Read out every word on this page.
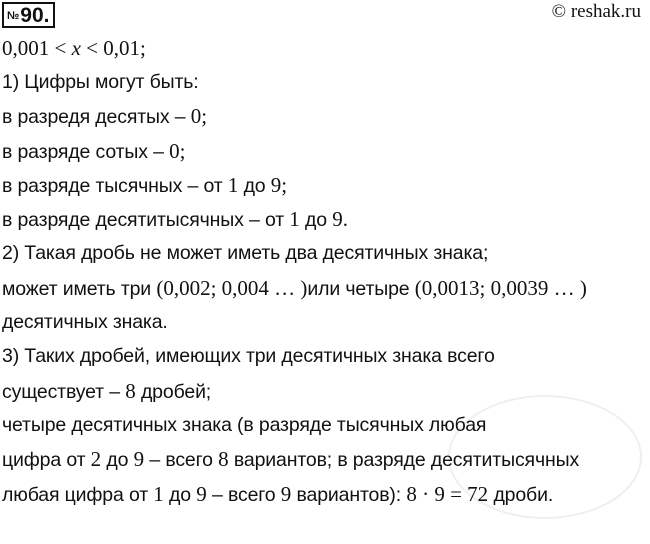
№ 90.	© reshak.ru
0,001 < x < 0,01;
1) Цифры могут быть:
в разредя десятых – 0;
в разряде сотых – 0;
в разряде тысячных – от 1 до 9;
в разряде десятитысячных – от 1 до 9.
2) Такая дробь не может иметь два десятичных знака;
может иметь три (0,002; 0,004 … )или четыре (0,0013; 0,0039 … )
десятичных знака.
3) Таких дробей, имеющих три десятичных знака всего
существует – 8 дробей;
четыре десятичных знака (в разряде тысячных любая
цифра от 2 до 9 – всего 8 вариантов; в разряде десятитысячных
любая цифра от 1 до 9 – всего 9 вариантов): 8 · 9 = 72 дроби.
